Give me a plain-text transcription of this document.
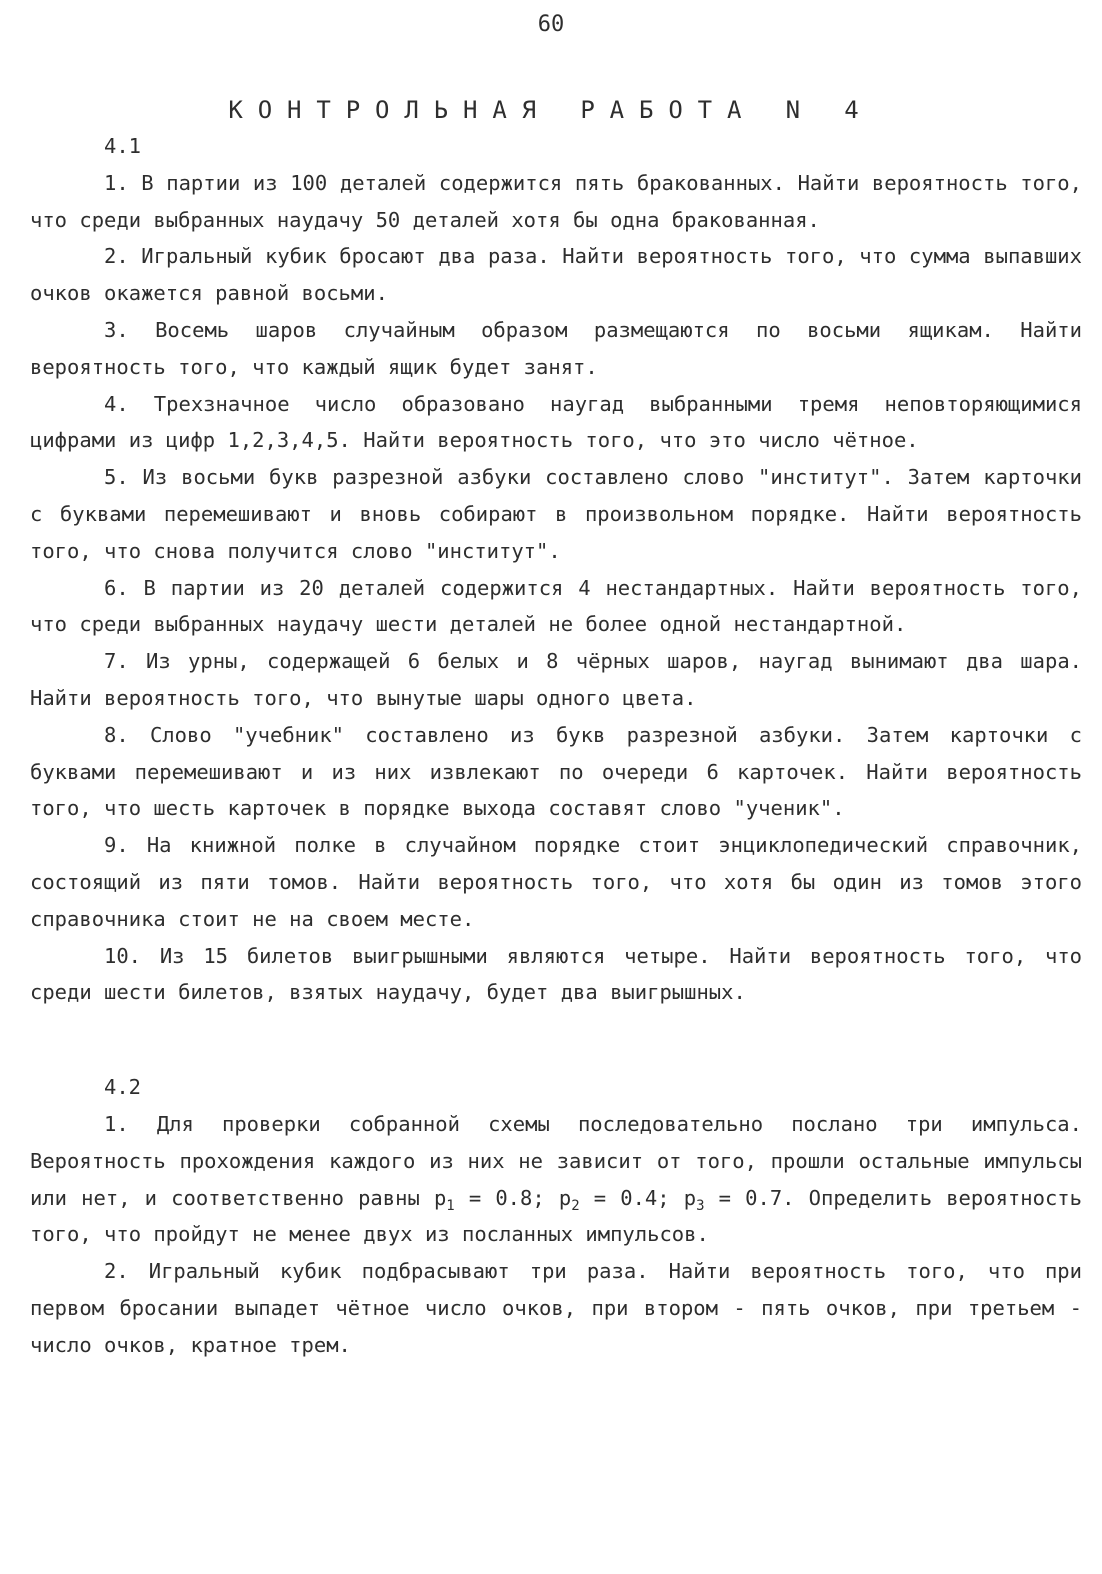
60
КОНТРОЛЬНАЯ РАБОТА N 4
4.1

1. В партии из 100 деталей содержится пять бракованных. Найти вероятность того, что среди выбранных наудачу 50 деталей хотя бы одна бракованная.

2. Игральный кубик бросают два раза. Найти вероятность того, что сумма выпавших очков окажется равной восьми.

3. Восемь шаров случайным образом размещаются по восьми ящикам. Найти вероятность того, что каждый ящик будет занят.

4. Трехзначное число образовано наугад выбранными тремя неповторяющимися цифрами из цифр 1,2,3,4,5. Найти вероятность того, что это число чётное.

5. Из восьми букв разрезной азбуки составлено слово "институт". Затем карточки с буквами перемешивают и вновь собирают в произвольном порядке. Найти вероятность того, что снова получится слово "институт".

6. В партии из 20 деталей содержится 4 нестандартных. Найти вероятность того, что среди выбранных наудачу шести деталей не более одной нестандартной.

7. Из урны, содержащей 6 белых и 8 чёрных шаров, наугад вынимают два шара. Найти вероятность того, что вынутые шары одного цвета.

8. Слово "учебник" составлено из букв разрезной азбуки. Затем карточки с буквами перемешивают и из них извлекают по очереди 6 карточек. Найти вероятность того, что шесть карточек в порядке выхода составят слово "ученик".

9. На книжной полке в случайном порядке стоит энциклопедический справочник, состоящий из пяти томов. Найти вероятность того, что хотя бы один из томов этого справочника стоит не на своем месте.

10. Из 15 билетов выигрышными являются четыре. Найти вероятность того, что среди шести билетов, взятых наудачу, будет два выигрышных.

4.2

1. Для проверки собранной схемы последовательно послано три импульса. Вероятность прохождения каждого из них не зависит от того, прошли остальные импульсы или нет, и соответственно равны $p_1 = 0.8$; $p_2 = 0.4$; $p_3 = 0.7$. Определить вероятность того, что пройдут не менее двух из посланных импульсов.

2. Игральный кубик подбрасывают три раза. Найти вероятность того, что при первом бросании выпадет чётное число очков, при втором - пять очков, при третьем - число очков, кратное трем.
